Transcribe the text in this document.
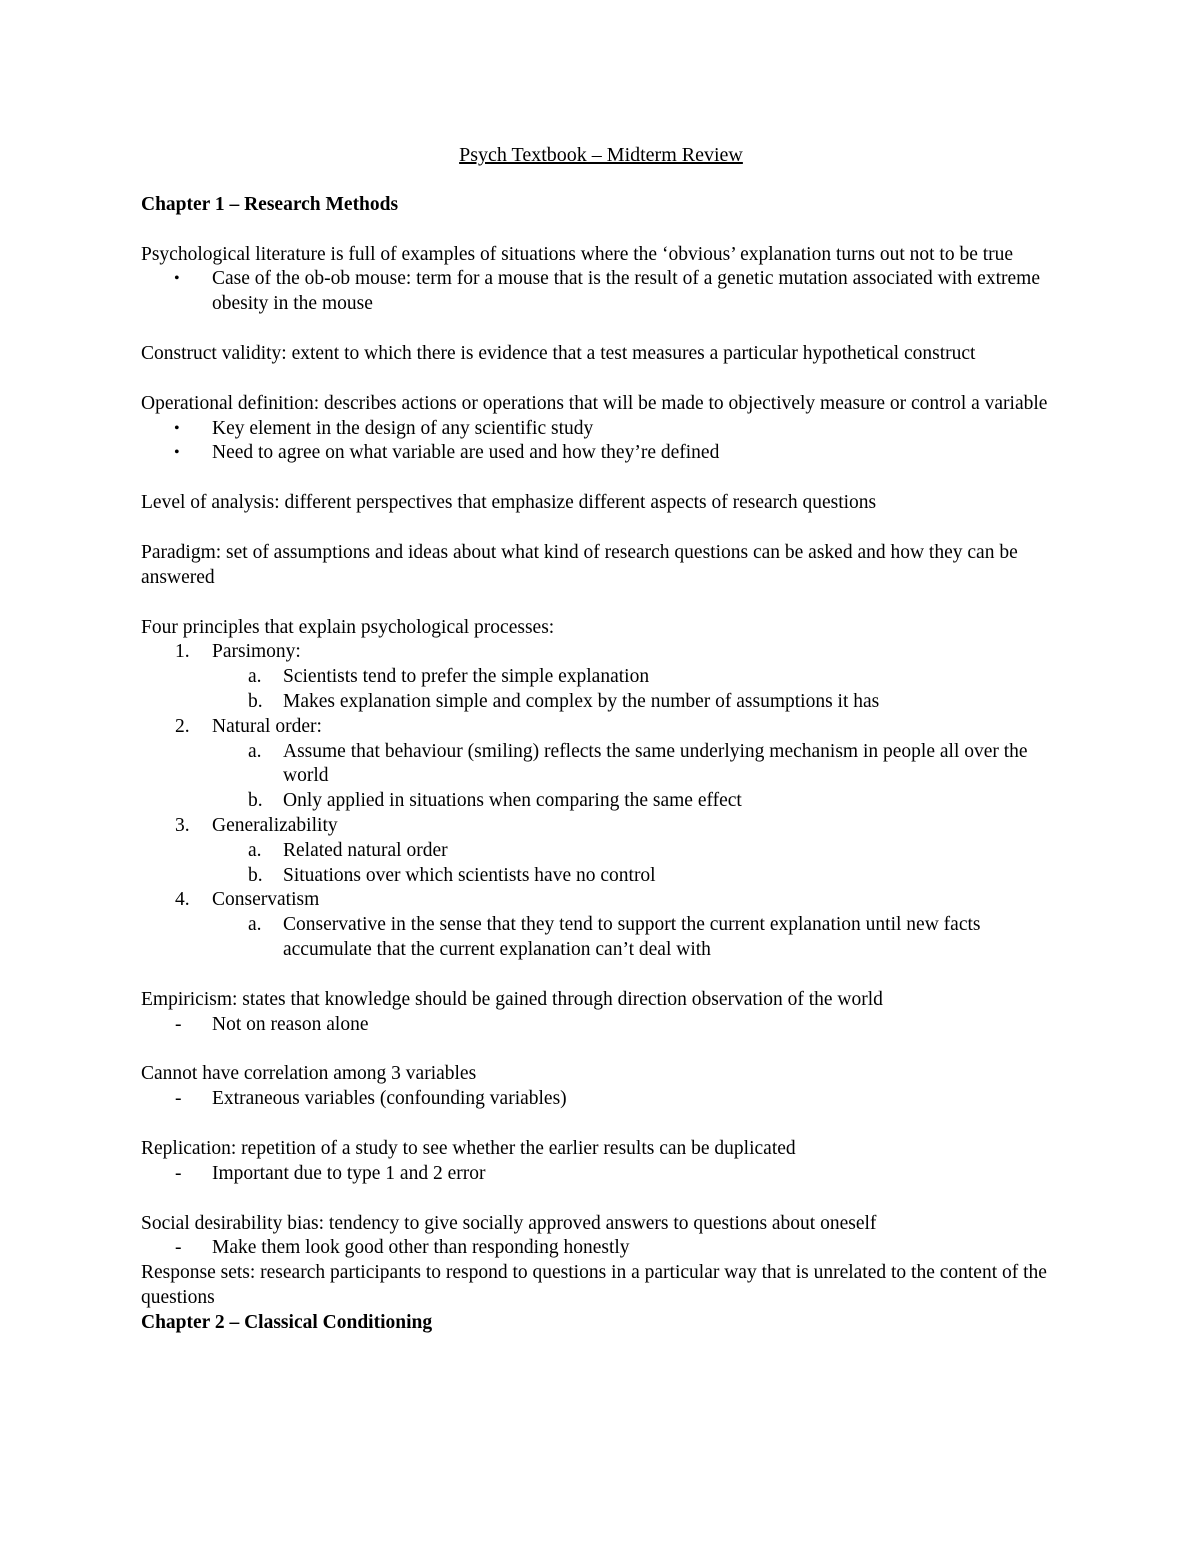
Psych Textbook – Midterm Review
Chapter 1 – Research Methods

Psychological literature is full of examples of situations where the ‘obvious’ explanation turns out not to be true

• Case of the ob-ob mouse: term for a mouse that is the result of a genetic mutation associated with extreme obesity in the mouse

Construct validity: extent to which there is evidence that a test measures a particular hypothetical construct

Operational definition: describes actions or operations that will be made to objectively measure or control a variable

• Key element in the design of any scientific study
• Need to agree on what variable are used and how they’re defined

Level of analysis: different perspectives that emphasize different aspects of research questions

Paradigm: set of assumptions and ideas about what kind of research questions can be asked and how they can be answered

Four principles that explain psychological processes:

1. Parsimony:
a. Scientists tend to prefer the simple explanation
b. Makes explanation simple and complex by the number of assumptions it has
2. Natural order:
a. Assume that behaviour (smiling) reflects the same underlying mechanism in people all over the world
b. Only applied in situations when comparing the same effect
3. Generalizability
a. Related natural order
b. Situations over which scientists have no control
4. Conservatism
a. Conservative in the sense that they tend to support the current explanation until new facts accumulate that the current explanation can’t deal with

Empiricism: states that knowledge should be gained through direction observation of the world

- Not on reason alone

Cannot have correlation among 3 variables

- Extraneous variables (confounding variables)

Replication: repetition of a study to see whether the earlier results can be duplicated

- Important due to type 1 and 2 error

Social desirability bias: tendency to give socially approved answers to questions about oneself

- Make them look good other than responding honestly

Response sets: research participants to respond to questions in a particular way that is unrelated to the content of the questions

Chapter 2 – Classical Conditioning
